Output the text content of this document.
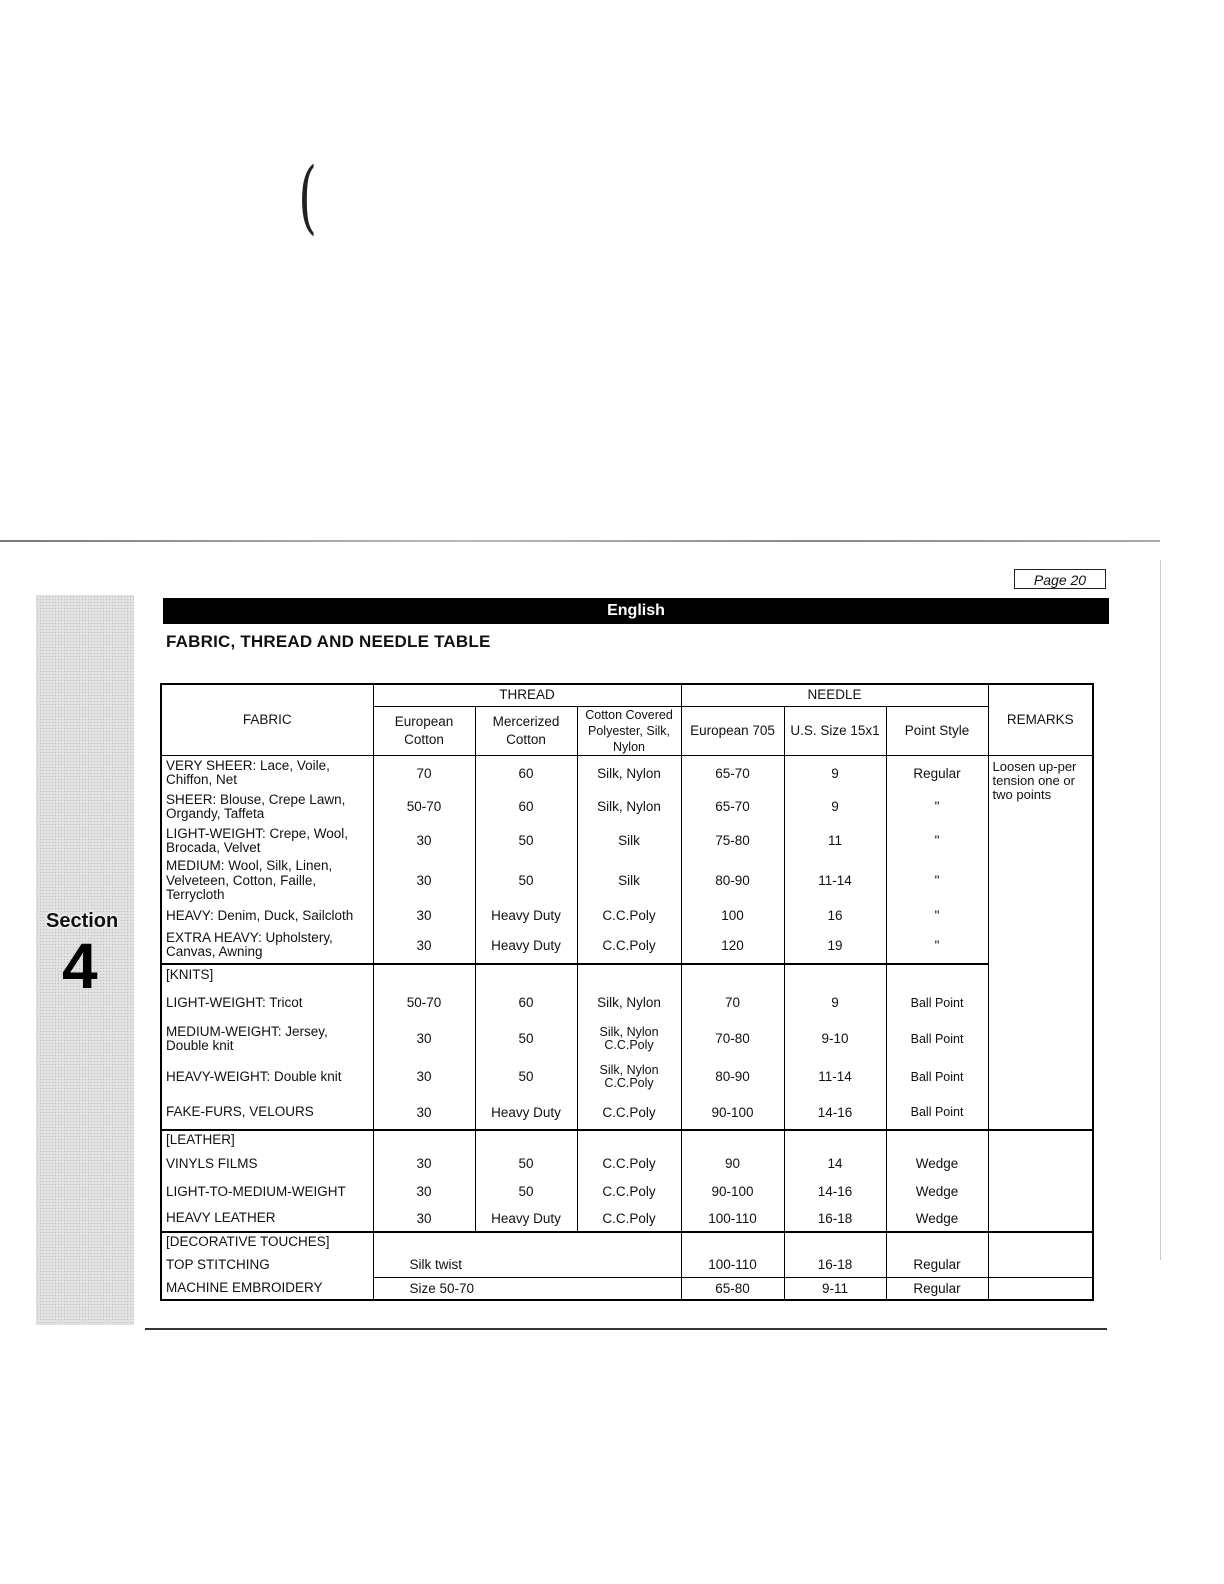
(
Section
4
Page 20
English
FABRIC, THREAD AND NEEDLE TABLE
FABRIC	THREAD			NEEDLE			REMARKS
	European Cotton	Mercerized Cotton	Cotton Covered Polyester, Silk, Nylon	European 705	U.S. Size 15x1	Point Style	
VERY SHEER: Lace, Voile, Chiffon, Net	70	60	Silk, Nylon	65-70	9	Regular	Loosen up-per tension one or two points
SHEER: Blouse, Crepe Lawn, Organdy, Taffeta	50-70	60	Silk, Nylon	65-70	9	"	
LIGHT-WEIGHT: Crepe, Wool, Brocada, Velvet	30	50	Silk	75-80	11	"	
MEDIUM: Wool, Silk, Linen, Velveteen, Cotton, Faille, Terrycloth	30	50	Silk	80-90	11-14	"	
HEAVY: Denim, Duck, Sailcloth	30	Heavy Duty	C.C.Poly	100	16	"	
EXTRA HEAVY: Upholstery, Canvas, Awning	30	Heavy Duty	C.C.Poly	120	19	"	
[KNITS]							
LIGHT-WEIGHT: Tricot	50-70	60	Silk, Nylon	70	9	Ball Point	
MEDIUM-WEIGHT: Jersey, Double knit	30	50	Silk, Nylon C.C.Poly	70-80	9-10	Ball Point	
HEAVY-WEIGHT: Double knit	30	50	Silk, Nylon C.C.Poly	80-90	11-14	Ball Point	
FAKE-FURS, VELOURS	30	Heavy Duty	C.C.Poly	90-100	14-16	Ball Point	
[LEATHER]							
VINYLS FILMS	30	50	C.C.Poly	90	14	Wedge	
LIGHT-TO-MEDIUM-WEIGHT	30	50	C.C.Poly	90-100	14-16	Wedge	
HEAVY LEATHER	30	Heavy Duty	C.C.Poly	100-110	16-18	Wedge	
[DECORATIVE TOUCHES]							
TOP STITCHING	Silk twist			100-110	16-18	Regular	
MACHINE EMBROIDERY	Size 50-70			65-80	9-11	Regular	
